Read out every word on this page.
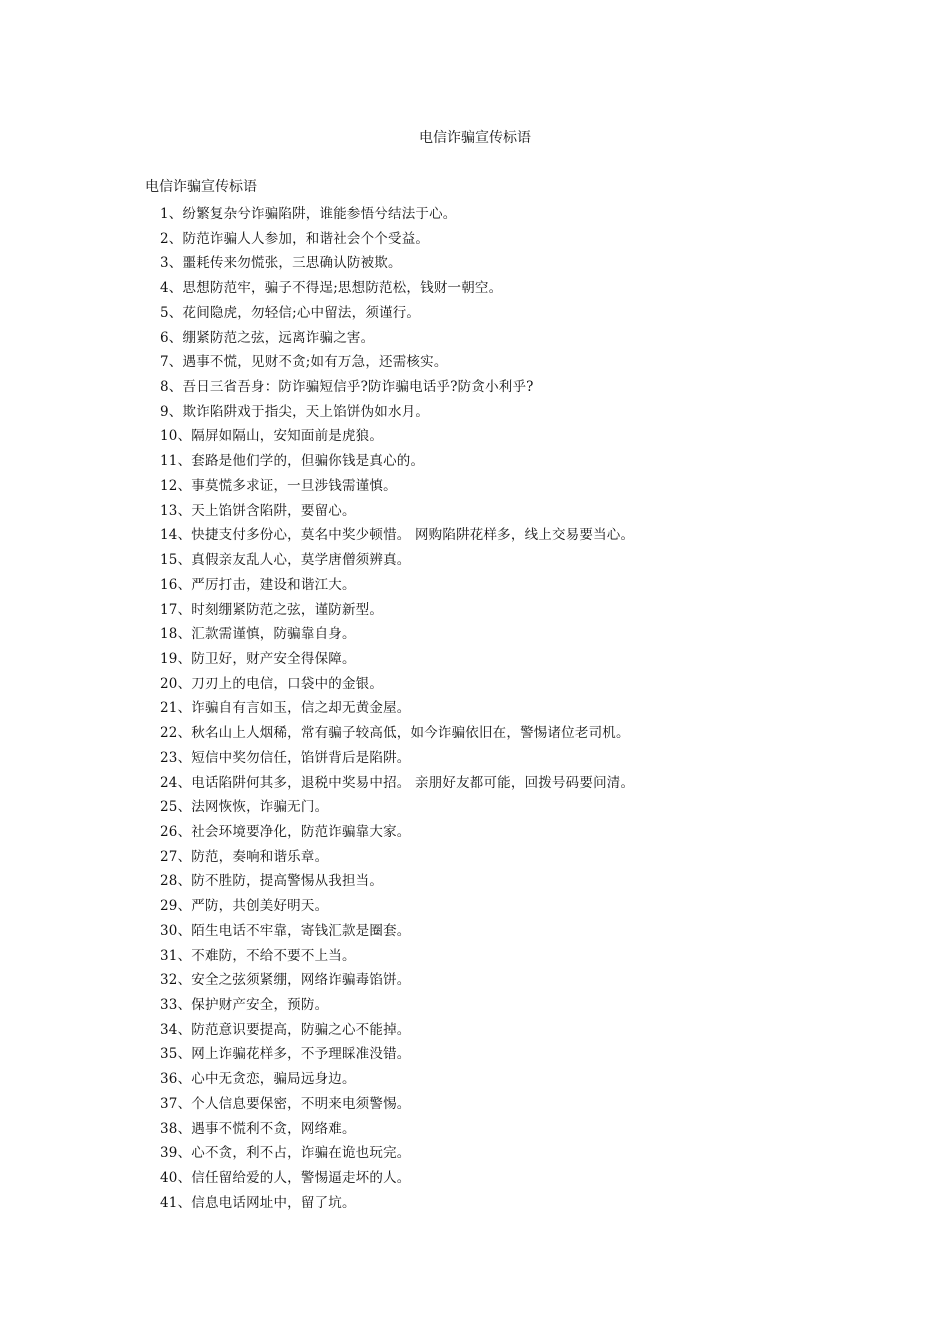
电信诈骗宣传标语
电信诈骗宣传标语
1、纷繁复杂兮诈骗陷阱，谁能参悟兮结法于心。
2、防范诈骗人人参加，和谐社会个个受益。
3、噩耗传来勿慌张，三思确认防被欺。
4、思想防范牢，骗子不得逞;思想防范松，钱财一朝空。
5、花间隐虎，勿轻信;心中留法，须谨行。
6、绷紧防范之弦，远离诈骗之害。
7、遇事不慌，见财不贪;如有万急，还需核实。
8、吾日三省吾身：防诈骗短信乎?防诈骗电话乎?防贪小利乎?
9、欺诈陷阱戏于指尖，天上馅饼伪如水月。
10、隔屏如隔山，安知面前是虎狼。
11、套路是他们学的，但骗你钱是真心的。
12、事莫慌多求证，一旦涉钱需谨慎。
13、天上馅饼含陷阱，要留心。
14、快捷支付多份心，莫名中奖少顿惜。 网购陷阱花样多，线上交易要当心。
15、真假亲友乱人心，莫学唐僧须辨真。
16、严厉打击，建设和谐江大。
17、时刻绷紧防范之弦，谨防新型。
18、汇款需谨慎，防骗靠自身。
19、防卫好，财产安全得保障。
20、刀刃上的电信，口袋中的金银。
21、诈骗自有言如玉，信之却无黄金屋。
22、秋名山上人烟稀，常有骗子较高低，如今诈骗依旧在，警惕诸位老司机。
23、短信中奖勿信任，馅饼背后是陷阱。
24、电话陷阱何其多，退税中奖易中招。 亲朋好友都可能，回拨号码要问清。
25、法网恢恢，诈骗无门。
26、社会环境要净化，防范诈骗靠大家。
27、防范，奏响和谐乐章。
28、防不胜防，提高警惕从我担当。
29、严防，共创美好明天。
30、陌生电话不牢靠，寄钱汇款是圈套。
31、不难防，不给不要不上当。
32、安全之弦须紧绷，网络诈骗毒馅饼。
33、保护财产安全，预防。
34、防范意识要提高，防骗之心不能掉。
35、网上诈骗花样多，不予理睬准没错。
36、心中无贪恋，骗局远身边。
37、个人信息要保密，不明来电须警惕。
38、遇事不慌利不贪，网络难。
39、心不贪，利不占，诈骗在诡也玩完。
40、信任留给爱的人，警惕逼走坏的人。
41、信息电话网址中，留了坑。
